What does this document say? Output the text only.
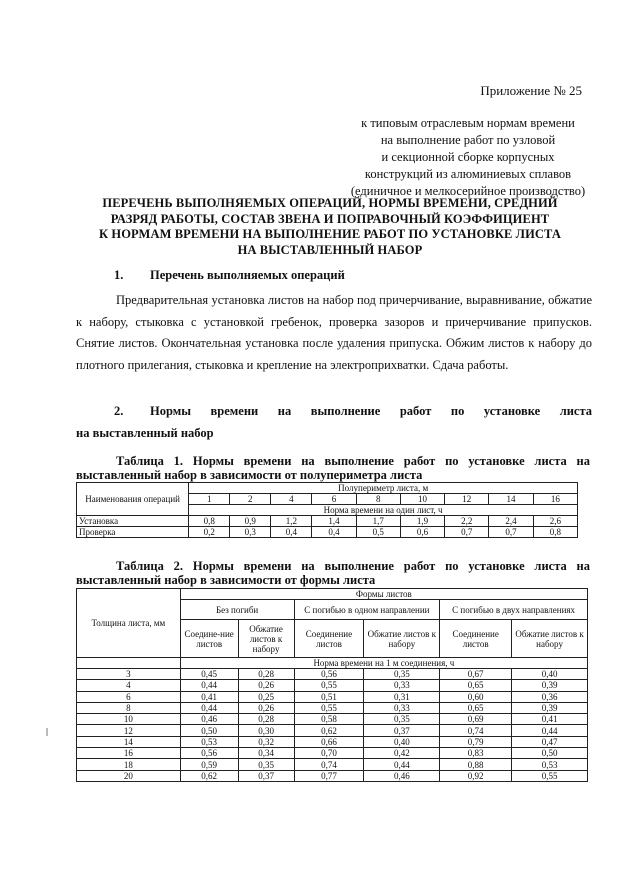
Приложение № 25
к типовым отраслевым нормам времени
на выполнение работ по узловой
и секционной сборке корпусных
конструкций из алюминиевых сплавов
(единичное и мелкосерийное производство)
ПЕРЕЧЕНЬ ВЫПОЛНЯЕМЫХ ОПЕРАЦИЙ, НОРМЫ ВРЕМЕНИ, СРЕДНИЙ
РАЗРЯД РАБОТЫ, СОСТАВ ЗВЕНА И ПОПРАВОЧНЫЙ КОЭФФИЦИЕНТ
К НОРМАМ ВРЕМЕНИ НА ВЫПОЛНЕНИЕ РАБОТ ПО УСТАНОВКЕ ЛИСТА
НА ВЫСТАВЛЕННЫЙ НАБОР
1. Перечень выполняемых операций
Предварительная установка листов на набор под причерчивание, выравнивание, обжатие к набору, стыковка с установкой гребенок, проверка зазоров и причерчивание припусков. Снятие листов. Окончательная установка после удаления припуска. Обжим листов к набору до плотного прилегания, стыковка и крепление на электроприхватки. Сдача работы.
2. Нормы времени на выполнение работ по установке листа
на выставленный набор
Таблица 1. Нормы времени на выполнение работ по установке листа на выставленный набор в зависимости от полупериметра листа
Наименования операций	Полупериметр листа, м								
	1	2	4	6	8	10	12	14	16
	Норма времени на один лист, ч								
Установка	0,8	0,9	1,2	1,4	1,7	1,9	2,2	2,4	2,6
Проверка	0,2	0,3	0,4	0,4	0,5	0,6	0,7	0,7	0,8
Таблица 2. Нормы времени на выполнение работ по установке листа на выставленный набор в зависимости от формы листа
Толщина листа, мм	Формы листов					
	Без погиби		С погибью в одном направлении		С погибью в двух направлениях	
	Соедине-ние листов	Обжатие листов к набору	Соединение листов	Обжатие листов к набору	Соединение листов	Обжатие листов к набору
	Норма времени на 1 м соединения, ч					
3	0,45	0,28	0,56	0,35	0,67	0,40
4	0,44	0,26	0,55	0,33	0,65	0,39
6	0,41	0,25	0,51	0,31	0,60	0,36
8	0,44	0,26	0,55	0,33	0,65	0,39
10	0,46	0,28	0,58	0,35	0,69	0,41
12	0,50	0,30	0,62	0,37	0,74	0,44
14	0,53	0,32	0,66	0,40	0,79	0,47
16	0,56	0,34	0,70	0,42	0,83	0,50
18	0,59	0,35	0,74	0,44	0,88	0,53
20	0,62	0,37	0,77	0,46	0,92	0,55
